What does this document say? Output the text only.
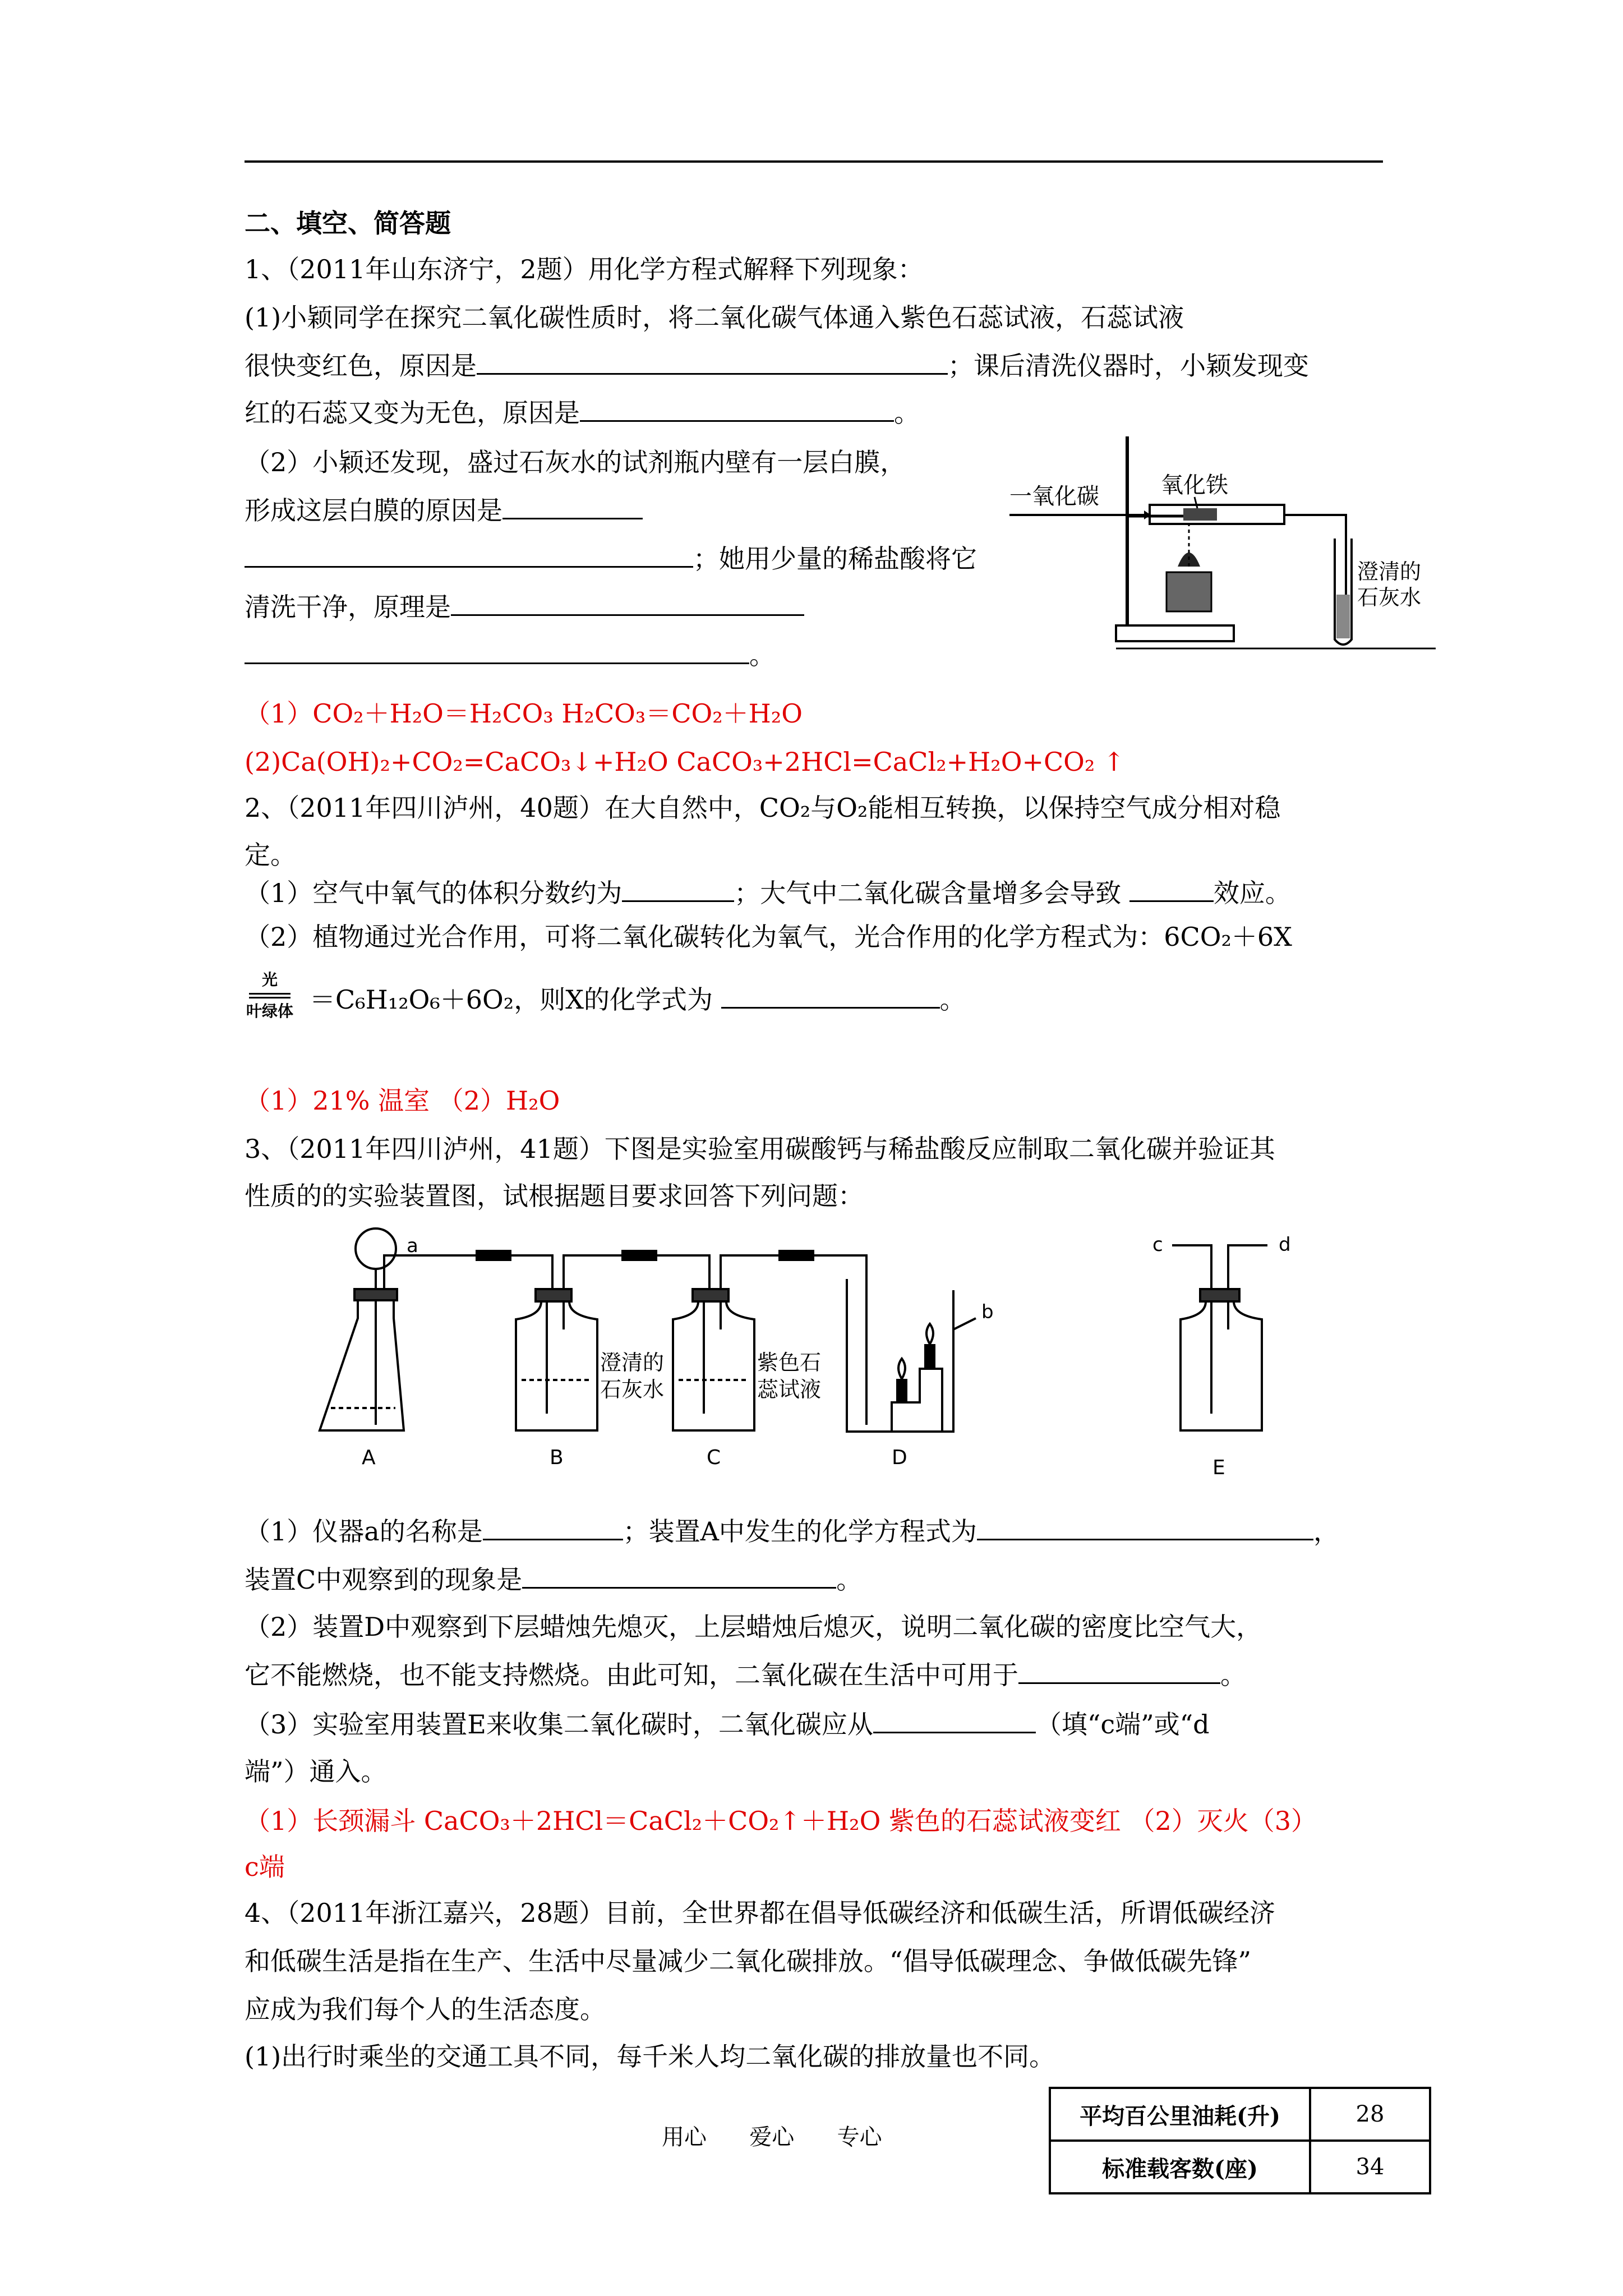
二、填空、简答题
1、（2011年山东济宁，2题）用化学方程式解释下列现象：
(1)小颖同学在探究二氧化碳性质时，将二氧化碳气体通入紫色石蕊试液，石蕊试液
很快变红色，原因是	；课后清洗仪器时，小颖发现变
红的石蕊又变为无色，原因是	。
（2）小颖还发现，盛过石灰水的试剂瓶内壁有一层白膜，
形成这层白膜的原因是
；她用少量的稀盐酸将它
清洗干净，原理是
。
氧化铁
一氧化碳
澄清的
石灰水
（1）CO₂＋H₂O＝H₂CO₃ H₂CO₃＝CO₂＋H₂O
(2)Ca(OH)₂+CO₂=CaCO₃↓+H₂O CaCO₃+2HCl=CaCl₂+H₂O+CO₂ ↑
2、（2011年四川泸州，40题）在大自然中，CO₂与O₂能相互转换，以保持空气成分相对稳
定。
（1）空气中氧气的体积分数约为	；大气中二氧化碳含量增多会导致	效应。
（2）植物通过光合作用，可将二氧化碳转化为氧气，光合作用的化学方程式为：6CO₂＋6X
光
叶绿体 ＝C₆H₁₂O₆＋6O₂，则X的化学式为	。
（1）21% 温室 （2）H₂O
3、（2011年四川泸州，41题）下图是实验室用碳酸钙与稀盐酸反应制取二氧化碳并验证其
性质的的实验装置图，试根据题目要求回答下列问题：
a
b
c	d
澄清的
石灰水
紫色石
蕊试液
A	B	C	D	E
（1）仪器a的名称是	；装置A中发生的化学方程式为	，
装置C中观察到的现象是	。
（2）装置D中观察到下层蜡烛先熄灭，上层蜡烛后熄灭，说明二氧化碳的密度比空气大，
它不能燃烧，也不能支持燃烧。由此可知，二氧化碳在生活中可用于	。
（3）实验室用装置E来收集二氧化碳时，二氧化碳应从	（填“c端”或“d
端”）通入。
（1）长颈漏斗 CaCO₃＋2HCl＝CaCl₂＋CO₂↑＋H₂O 紫色的石蕊试液变红 （2）灭火（3）
c端
4、（2011年浙江嘉兴，28题）目前，全世界都在倡导低碳经济和低碳生活，所谓低碳经济
和低碳生活是指在生产、生活中尽量减少二氧化碳排放。“倡导低碳理念、争做低碳先锋”
应成为我们每个人的生活态度。
(1)出行时乘坐的交通工具不同，每千米人均二氧化碳的排放量也不同。
平均百公里油耗(升)	28
标准载客数(座)	34
用心      爱心      专心
